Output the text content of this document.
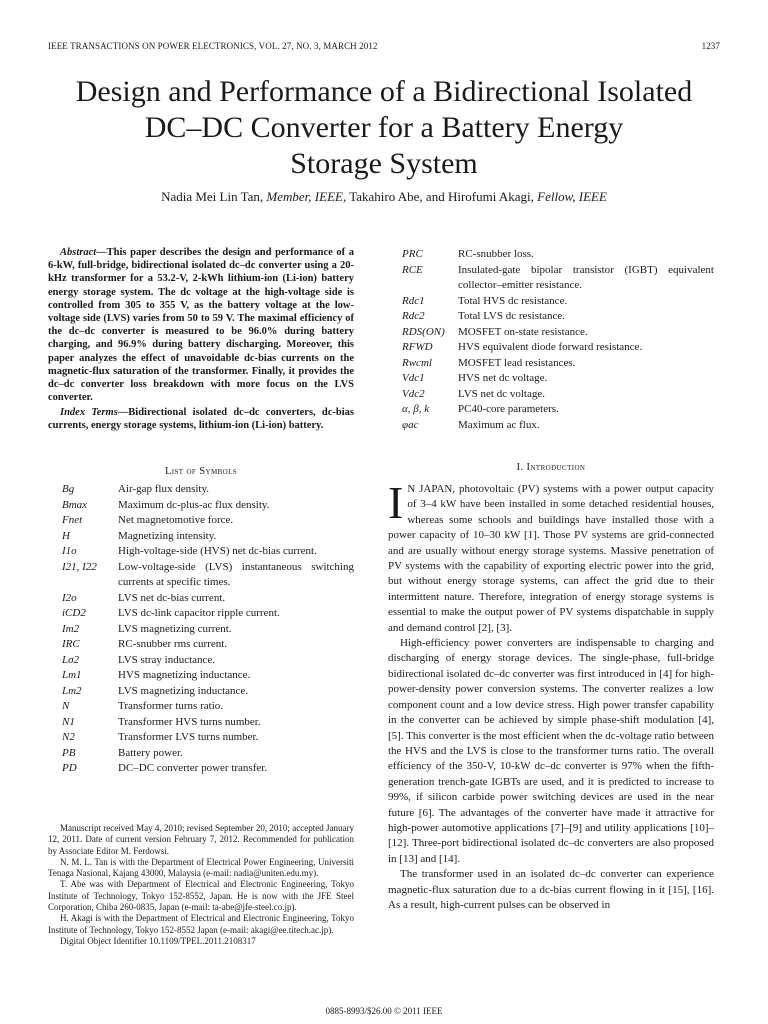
IEEE TRANSACTIONS ON POWER ELECTRONICS, VOL. 27, NO. 3, MARCH 2012	1237
Design and Performance of a Bidirectional Isolated
DC–DC Converter for a Battery Energy
Storage System
Nadia Mei Lin Tan, Member, IEEE, Takahiro Abe, and Hirofumi Akagi, Fellow, IEEE

Abstract—This paper describes the design and performance of a 6-kW, full-bridge, bidirectional isolated dc–dc converter using a 20-kHz transformer for a 53.2-V, 2-kWh lithium-ion (Li-ion) battery energy storage system. The dc voltage at the high-voltage side is controlled from 305 to 355 V, as the battery voltage at the low-voltage side (LVS) varies from 50 to 59 V. The maximal efficiency of the dc–dc converter is measured to be 96.0% during battery charging, and 96.9% during battery discharging. Moreover, this paper analyzes the effect of unavoidable dc-bias currents on the magnetic-flux saturation of the transformer. Finally, it provides the dc–dc converter loss breakdown with more focus on the LVS converter.

Index Terms—Bidirectional isolated dc–dc converters, dc-bias currents, energy storage systems, lithium-ion (Li-ion) battery.

List of Symbols
Bg	Air-gap flux density.
Bmax	Maximum dc-plus-ac flux density.
Fnet	Net magnetomotive force.
H	Magnetizing intensity.
I1o	High-voltage-side (HVS) net dc-bias current.
I21, I22	Low-voltage-side (LVS) instantaneous switching currents at specific times.
I2o	LVS net dc-bias current.
iCD2	LVS dc-link capacitor ripple current.
Im2	LVS magnetizing current.
IRC	RC-snubber rms current.
Lσ2	LVS stray inductance.
Lm1	HVS magnetizing inductance.
Lm2	LVS magnetizing inductance.
N	Transformer turns ratio.
N1	Transformer HVS turns number.
N2	Transformer LVS turns number.
PB	Battery power.
PD	DC–DC converter power transfer.
PRC	RC-snubber loss.
RCE	Insulated-gate bipolar transistor (IGBT) equivalent collector–emitter resistance.
Rdc1	Total HVS dc resistance.
Rdc2	Total LVS dc resistance.
RDS(ON)	MOSFET on-state resistance.
RFWD	HVS equivalent diode forward resistance.
Rwcml	MOSFET lead resistances.
Vdc1	HVS net dc voltage.
Vdc2	LVS net dc voltage.
α, β, k	PC40-core parameters.
φac	Maximum ac flux.

Manuscript received May 4, 2010; revised September 20, 2010; accepted January 12, 2011. Date of current version February 7, 2012. Recommended for publication by Associate Editor M. Ferdowsi.

N. M. L. Tan is with the Department of Electrical Power Engineering, Universiti Tenaga Nasional, Kajang 43000, Malaysia (e-mail: nadia@uniten.edu.my).

T. Abe was with Department of Electrical and Electronic Engineering, Tokyo Institute of Technology, Tokyo 152-8552, Japan. He is now with the JFE Steel Corporation, Chiba 260-0835, Japan (e-mail: ta-abe@jfe-steel.co.jp).

H. Akagi is with the Department of Electrical and Electronic Engineering, Tokyo Institute of Technology, Tokyo 152-8552 Japan (e-mail: akagi@ee.titech.ac.jp).

Digital Object Identifier 10.1109/TPEL.2011.2108317

I. Introduction

I N JAPAN, photovoltaic (PV) systems with a power output capacity of 3–4 kW have been installed in some detached residential houses, whereas some schools and buildings have installed those with a power capacity of 10–30 kW [1]. Those PV systems are grid-connected and are usually without energy storage systems. Massive penetration of PV systems with the capability of exporting electric power into the grid, but without energy storage systems, can affect the grid due to their intermittent nature. Therefore, integration of energy storage systems is essential to make the output power of PV systems dispatchable in supply and demand control [2], [3].

High-efficiency power converters are indispensable to charging and discharging of energy storage devices. The single-phase, full-bridge bidirectional isolated dc–dc converter was first introduced in [4] for high-power-density power conversion systems. The converter realizes a low component count and a low device stress. High power transfer capability in the converter can be achieved by simple phase-shift modulation [4], [5]. This converter is the most efficient when the dc-voltage ratio between the HVS and the LVS is close to the transformer turns ratio. The overall efficiency of the 350-V, 10-kW dc–dc converter is 97% when the fifth-generation trench-gate IGBTs are used, and it is predicted to increase to 99%, if silicon carbide power switching devices are used in the near future [6]. The advantages of the converter have made it attractive for high-power automotive applications [7]–[9] and utility applications [10]–[12]. Three-port bidirectional isolated dc–dc converters are also proposed in [13] and [14].

The transformer used in an isolated dc–dc converter can experience magnetic-flux saturation due to a dc-bias current flowing in it [15], [16]. As a result, high-current pulses can be observed in

0885-8993/$26.00 © 2011 IEEE
